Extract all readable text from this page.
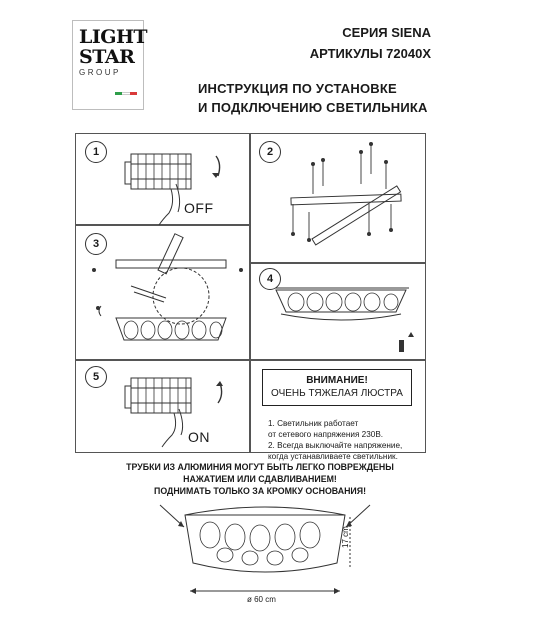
LIGHT
STAR
GROUP
СЕРИЯ SIENA
АРТИКУЛЫ 72040X
ИНСТРУКЦИЯ ПО УСТАНОВКЕ
И ПОДКЛЮЧЕНИЮ СВЕТИЛЬНИКА
OFF
1	2
3
4
ON
5	ВНИМАНИЕ!
ОЧЕНЬ ТЯЖЕЛАЯ ЛЮСТРА
1. Светильник работает
от сетевого напряжения 230В.
2. Всегда выключайте напряжение,
когда устанавливаете светильник.
ТРУБКИ ИЗ АЛЮМИНИЯ МОГУТ БЫТЬ ЛЕГКО ПОВРЕЖДЕНЫ
НАЖАТИЕМ ИЛИ СДАВЛИВАНИЕМ!
ПОДНИМАТЬ ТОЛЬКО ЗА КРОМКУ ОСНОВАНИЯ!
ø 60 cm
17 cm
